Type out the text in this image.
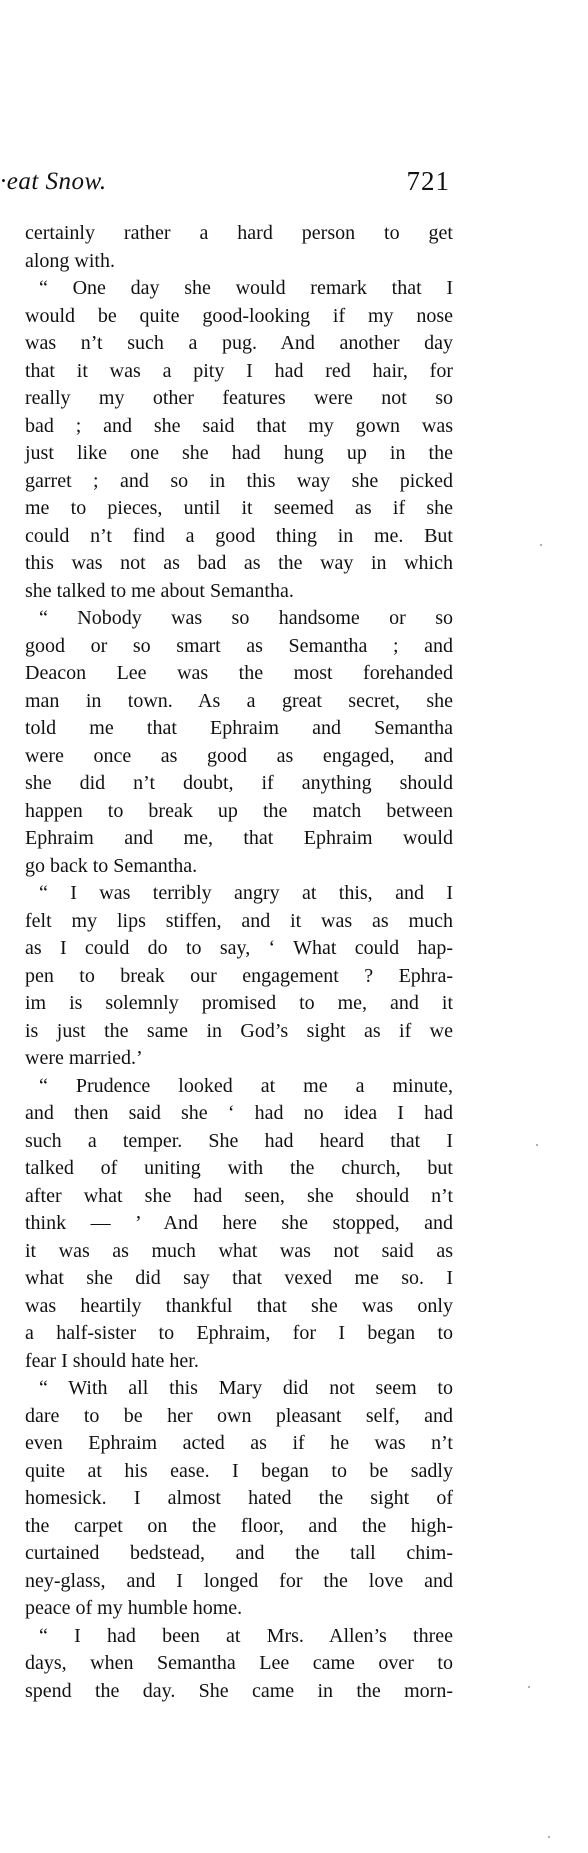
·eat Snow.	721
certainly rather a hard person to get
along with.
“ One day she would remark that I
would be quite good-looking if my nose
was n’t such a pug. And another day
that it was a pity I had red hair, for
really my other features were not so
bad ; and she said that my gown was
just like one she had hung up in the
garret ; and so in this way she picked
me to pieces, until it seemed as if she
could n’t find a good thing in me. But
this was not as bad as the way in which
she talked to me about Semantha.
“ Nobody was so handsome or so
good or so smart as Semantha ; and
Deacon Lee was the most forehanded
man in town. As a great secret, she
told me that Ephraim and Semantha
were once as good as engaged, and
she did n’t doubt, if anything should
happen to break up the match between
Ephraim and me, that Ephraim would
go back to Semantha.
“ I was terribly angry at this, and I
felt my lips stiffen, and it was as much
as I could do to say, ‘ What could hap-
pen to break our engagement ? Ephra-
im is solemnly promised to me, and it
is just the same in God’s sight as if we
were married.’
“ Prudence looked at me a minute,
and then said she ‘ had no idea I had
such a temper. She had heard that I
talked of uniting with the church, but
after what she had seen, she should n’t
think — ’ And here she stopped, and
it was as much what was not said as
what she did say that vexed me so. I
was heartily thankful that she was only
a half-sister to Ephraim, for I began to
fear I should hate her.
“ With all this Mary did not seem to
dare to be her own pleasant self, and
even Ephraim acted as if he was n’t
quite at his ease. I began to be sadly
homesick. I almost hated the sight of
the carpet on the floor, and the high-
curtained bedstead, and the tall chim-
ney-glass, and I longed for the love and
peace of my humble home.
“ I had been at Mrs. Allen’s three
days, when Semantha Lee came over to
spend the day. She came in the morn-
